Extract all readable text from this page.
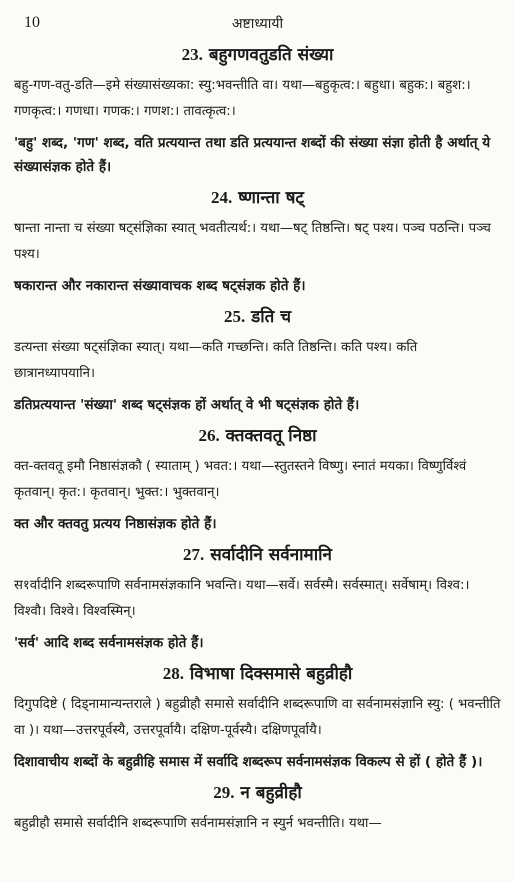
10	अष्टाध्यायी
23. बहुगणवतुडति संख्या

बहु-गण-वतु-डति—इमे संख्यासंख्यका: स्यु:भवन्तीति वा। यथा—बहुकृत्व:। बहुधा। बहुक:। बहुश:। गणकृत्व:। गणधा। गणक:। गणश:। तावत्कृत्व:।

'बहु' शब्द, 'गण' शब्द, वति प्रत्ययान्त तथा डति प्रत्ययान्त शब्दों की संख्या संज्ञा होती है अर्थात् ये संख्यासंज्ञक होते हैं।

24. ष्णान्ता षट्

षान्ता नान्ता च संख्या षट्संज्ञिका स्यात् भवतीत्यर्थ:। यथा—षट् तिष्ठन्ति। षट् पश्य। पञ्च पठन्ति। पञ्च पश्य।

षकारान्त और नकारान्त संख्यावाचक शब्द षट्संज्ञक होते हैं।

25. डति च

डत्यन्ता संख्या षट्संज्ञिका स्यात्। यथा—कति गच्छन्ति। कति तिष्ठन्ति। कति पश्य। कति छात्रानध्यापयानि।

डतिप्रत्ययान्त 'संख्या' शब्द षट्संज्ञक हों अर्थात् वे भी षट्संज्ञक होते हैं।

26. क्तक्तवतू निष्ठा

क्त-क्तवतू इमौ निष्ठासंज्ञकौ ( स्याताम् ) भवत:। यथा—स्तुतस्तने विष्णु। स्नातं मयका। विष्णुर्विश्वं कृतवान्। कृत:। कृतवान्। भुक्त:। भुक्तवान्।

क्त और क्तवतु प्रत्यय निष्ठासंज्ञक होते हैं।

27. सर्वादीनि सर्वनामानि

स१र्वादीनि शब्दरूपाणि सर्वनामसंज्ञकानि भवन्ति। यथा—सर्वे। सर्वस्मै। सर्वस्मात्। सर्वेषाम्। विश्व:। विश्वौ। विश्वे। विश्वस्मिन्।

'सर्व' आदि शब्द सर्वनामसंज्ञक होते हैं।

28. विभाषा दिक्समासे बहुव्रीहौ

दिगुपदिष्टे ( दिड्नामान्यन्तराले ) बहुव्रीहौ समासे सर्वादीनि शब्दरूपाणि वा सर्वनामसंज्ञानि स्यु: ( भवन्तीति वा )। यथा—उत्तरपूर्वस्यै, उत्तरपूर्वायै। दक्षिण-पूर्वस्यै। दक्षिणपूर्वायै।

दिशावाचीय शब्दों के बहुव्रीहि समास में सर्वादि शब्दरूप सर्वनामसंज्ञक विकल्प से हों ( होते हैं )।

29. न बहुव्रीहौ

बहुव्रीहौ समासे सर्वादीनि शब्दरूपाणि सर्वनामसंज्ञानि न स्युर्न भवन्तीति। यथा—
